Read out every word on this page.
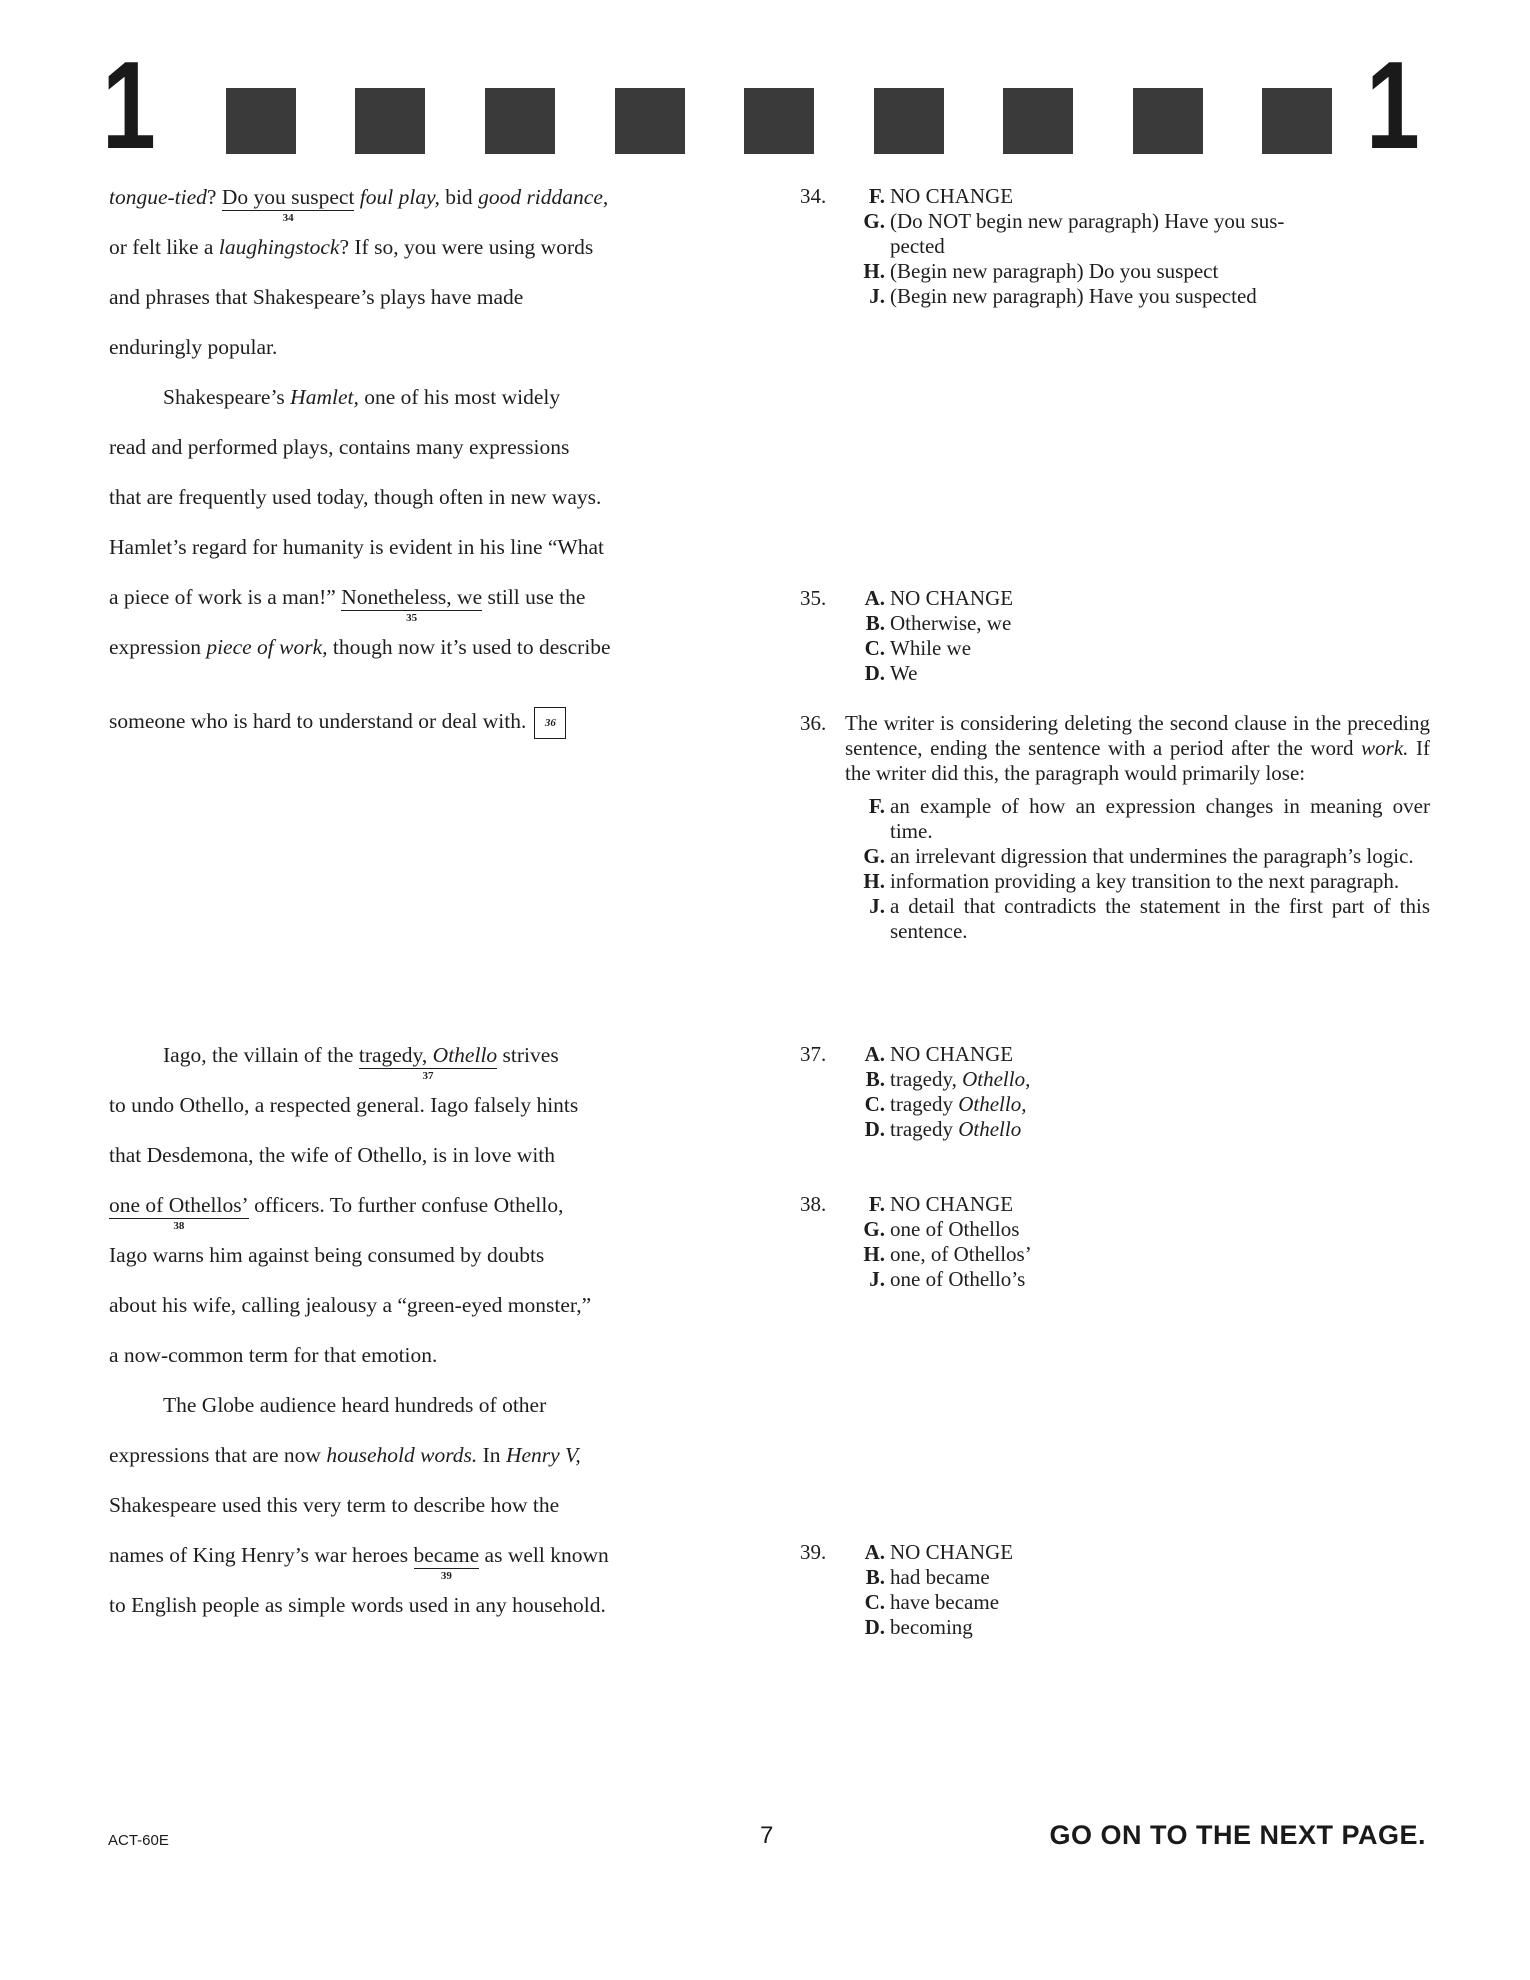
1	1
tongue-tied? Do you suspect
34
foul play, bid good riddance,
or felt like a laughingstock? If so, you were using words
and phrases that Shakespeare’s plays have made
enduringly popular.
Shakespeare’s Hamlet, one of his most widely
read and performed plays, contains many expressions
that are frequently used today, though often in new ways.
Hamlet’s regard for humanity is evident in his line “What
a piece of work is a man!” Nonetheless, we
35
still use the
expression piece of work, though now it’s used to describe
someone who is hard to understand or deal with. 36
Iago, the villain of the tragedy, Othello
37
strives
to undo Othello, a respected general. Iago falsely hints
that Desdemona, the wife of Othello, is in love with
one of Othellos’
38
officers. To further confuse Othello,
Iago warns him against being consumed by doubts
about his wife, calling jealousy a “green-eyed monster,”
a now-common term for that emotion.
The Globe audience heard hundreds of other
expressions that are now household words. In Henry V,
Shakespeare used this very term to describe how the
names of King Henry’s war heroes became
39
as well known
to English people as simple words used in any household.
34.	F. NO CHANGE
G. (Do NOT begin new paragraph) Have you sus-
pected
H. (Begin new paragraph) Do you suspect
J. (Begin new paragraph) Have you suspected
35.	A. NO CHANGE
B. Otherwise, we
C. While we
D. We
36. The writer is considering deleting the second clause in the preceding sentence, ending the sentence with a period after the word work. If the writer did this, the paragraph would primarily lose:
F. an example of how an expression changes in meaning over time.
G. an irrelevant digression that undermines the paragraph’s logic.
H. information providing a key transition to the next paragraph.
J. a detail that contradicts the statement in the first part of this sentence.
37.	A. NO CHANGE
B. tragedy, Othello,
C. tragedy Othello,
D. tragedy Othello
38.	F. NO CHANGE
G. one of Othellos
H. one, of Othellos’
J. one of Othello’s
39.	A. NO CHANGE
B. had became
C. have became
D. becoming
ACT-60E	7	GO ON TO THE NEXT PAGE.
